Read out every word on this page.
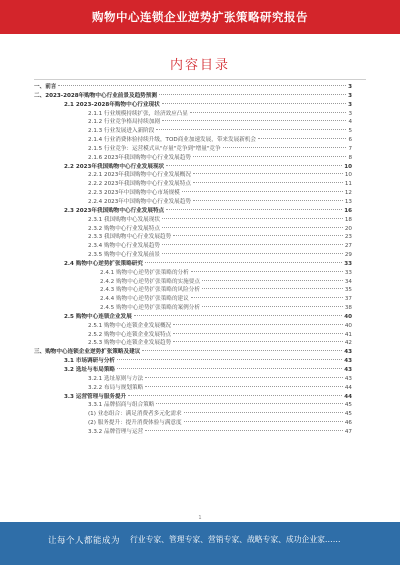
购物中心连锁企业逆势扩张策略研究报告
内容目录
一、前言	3
二、2023-2028年购物中心行业前景及趋势预测	3
2.1 2023-2028年购物中心行业现状	3
2.1.1 行业规模持续扩张，经济效应凸显	3
2.1.2 行业竞争格局持续加剧	4
2.1.3 行业发展进入新阶段	5
2.1.4 行业消费体验持续升级，TOD商业加速发展，带来发展新机会	6
2.1.5 行业竞争：运营模式从"存量"竞争到"增量"竞争	7
2.1.6 2023年我国购物中心行业发展趋势	8
2.2 2023年我国购物中心行业发展现状	10
2.2.1 2023年我国购物中心行业发展概况	10
2.2.2 2023年我国购物中心行业发展特点	11
2.2.3 2023年中国购物中心市场规模	12
2.2.4 2023年中国购物中心行业发展趋势	13
2.3 2023年我国购物中心行业发展特点	16
2.3.1 我国购物中心发展现状	18
2.3.2 购物中心行业发展特点	20
2.3.3 我国购物中心行业发展趋势	23
2.3.4 购物中心行业发展趋势	27
2.3.5 购物中心行业发展前景	29
2.4 购物中心逆势扩张策略研究	33
2.4.1 购物中心逆势扩张策略的分析	33
2.4.2 购物中心逆势扩张策略的实施要点	34
2.4.3 购物中心逆势扩张策略的风险分析	35
2.4.4 购物中心逆势扩张策略的建议	37
2.4.5 购物中心逆势扩张策略的案例分析	38
2.5 购物中心连锁企业发展	40
2.5.1 购物中心连锁企业发展概况	40
2.5.2 购物中心连锁企业发展特点	41
2.5.3 购物中心连锁企业发展趋势	42
三、购物中心连锁企业逆势扩张策略及建议	43
3.1 市场调研与分析	43
3.2 选址与布局策略	43
3.2.1 选址原则与方法	43
3.2.2 布局与规划策略	44
3.3 运营管理与服务提升	44
3.3.1 品牌招商与组合策略	45
(1) 业态组合：满足消费者多元化需求	45
(2) 服务提升：提升消费体验与满意度	46
3.3.2 品牌管理与运营	47
1
让每个人都能成为 行业专家、管理专家、营销专家、战略专家、成功企业家……
